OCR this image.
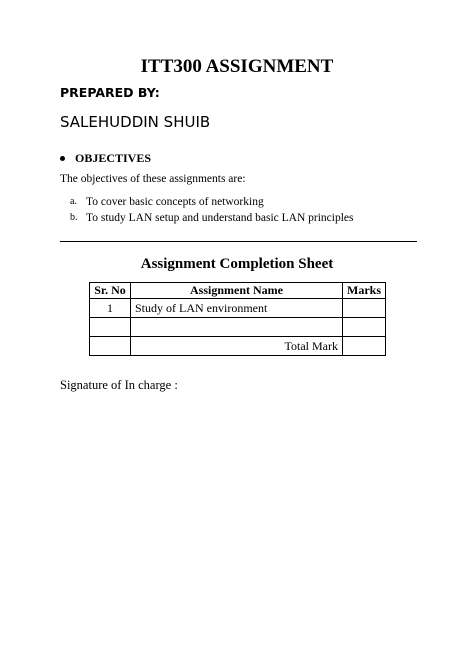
ITT300 ASSIGNMENT
PREPARED BY:
SALEHUDDIN SHUIB
OBJECTIVES
The objectives of these assignments are:
a. To cover basic concepts of networking
b. To study LAN setup and understand basic LAN principles
Assignment Completion Sheet
Sr. No	Assignment Name	Marks
1	Study of LAN environment	

	Total Mark	
Signature of In charge :
